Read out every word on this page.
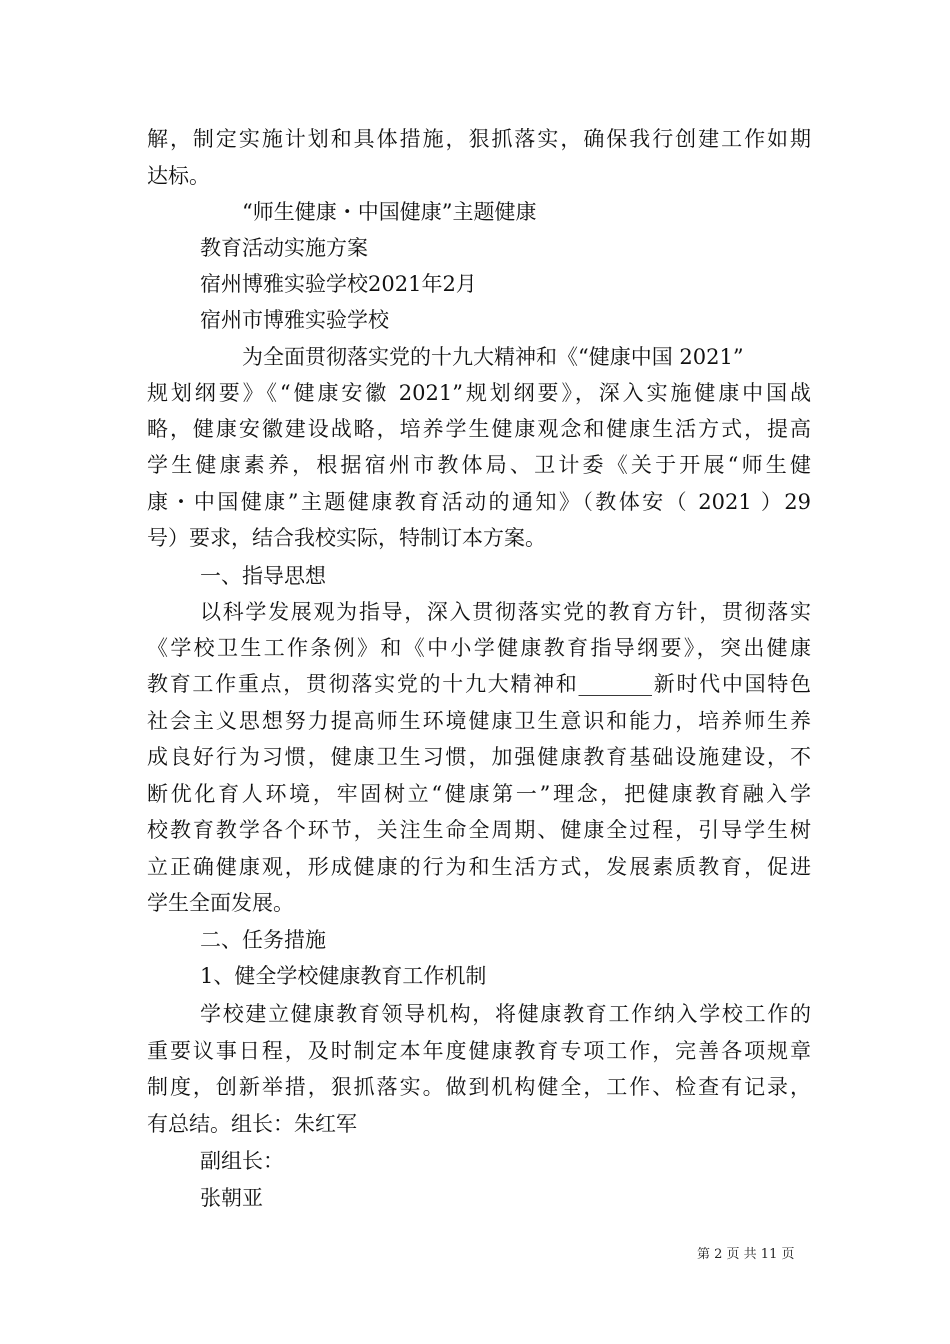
解，制定实施计划和具体措施，狠抓落实，确保我行创建工作如期

达标。

“师生健康・中国健康”主题健康

教育活动实施方案

宿州博雅实验学校2021年2月

宿州市博雅实验学校

为全面贯彻落实党的十九大精神和《“健康中国 2021”

规划纲要》《“健康安徽 2021”规划纲要》，深入实施健康中国战

略，健康安徽建设战略，培养学生健康观念和健康生活方式，提高

学生健康素养，根据宿州市教体局、卫计委《关于开展“师生健

康・中国健康”主题健康教育活动的通知》（教体安（ 2021 ）29

号）要求，结合我校实际，特制订本方案。

一、指导思想

以科学发展观为指导，深入贯彻落实党的教育方针，贯彻落实

《学校卫生工作条例》和《中小学健康教育指导纲要》，突出健康

教育工作重点，贯彻落实党的十九大精神和_______新时代中国特色

社会主义思想努力提高师生环境健康卫生意识和能力，培养师生养

成良好行为习惯，健康卫生习惯，加强健康教育基础设施建设，不

断优化育人环境，牢固树立“健康第一”理念，把健康教育融入学

校教育教学各个环节，关注生命全周期、健康全过程，引导学生树

立正确健康观，形成健康的行为和生活方式，发展素质教育，促进

学生全面发展。

二、任务措施

1、健全学校健康教育工作机制

学校建立健康教育领导机构，将健康教育工作纳入学校工作的

重要议事日程，及时制定本年度健康教育专项工作，完善各项规章

制度，创新举措，狠抓落实。做到机构健全，工作、检查有记录，

有总结。组长：朱红军

副组长：

张朝亚

第 2 页 共 11 页
